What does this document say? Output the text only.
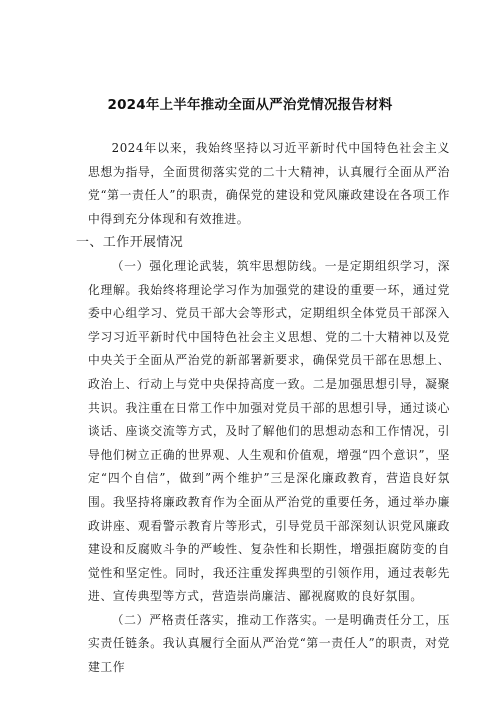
2024年上半年推动全面从严治党情况报告材料

2024年以来，我始终坚持以习近平新时代中国特色社会主义思想为指导，全面贯彻落实党的二十大精神，认真履行全面从严治党“第一责任人”的职责，确保党的建设和党风廉政建设在各项工作中得到充分体现和有效推进。

一、工作开展情况

（一）强化理论武装，筑牢思想防线。一是定期组织学习，深化理解。我始终将理论学习作为加强党的建设的重要一环，通过党委中心组学习、党员干部大会等形式，定期组织全体党员干部深入学习习近平新时代中国特色社会主义思想、党的二十大精神以及党中央关于全面从严治党的新部署新要求，确保党员干部在思想上、政治上、行动上与党中央保持高度一致。二是加强思想引导，凝聚共识。我注重在日常工作中加强对党员干部的思想引导，通过谈心谈话、座谈交流等方式，及时了解他们的思想动态和工作情况，引导他们树立正确的世界观、人生观和价值观，增强“四个意识”，坚定“四个自信”，做到”两个维护”三是深化廉政教育，营造良好氛围。我坚持将廉政教育作为全面从严治党的重要任务，通过举办廉政讲座、观看警示教育片等形式，引导党员干部深刻认识党风廉政建设和反腐败斗争的严峻性、复杂性和长期性，增强拒腐防变的自觉性和坚定性。同时，我还注重发挥典型的引领作用，通过表彰先进、宣传典型等方式，营造崇尚廉洁、鄙视腐败的良好氛围。

（二）严格责任落实，推动工作落实。一是明确责任分工，压实责任链条。我认真履行全面从严治党“第一责任人”的职责，对党建工作
